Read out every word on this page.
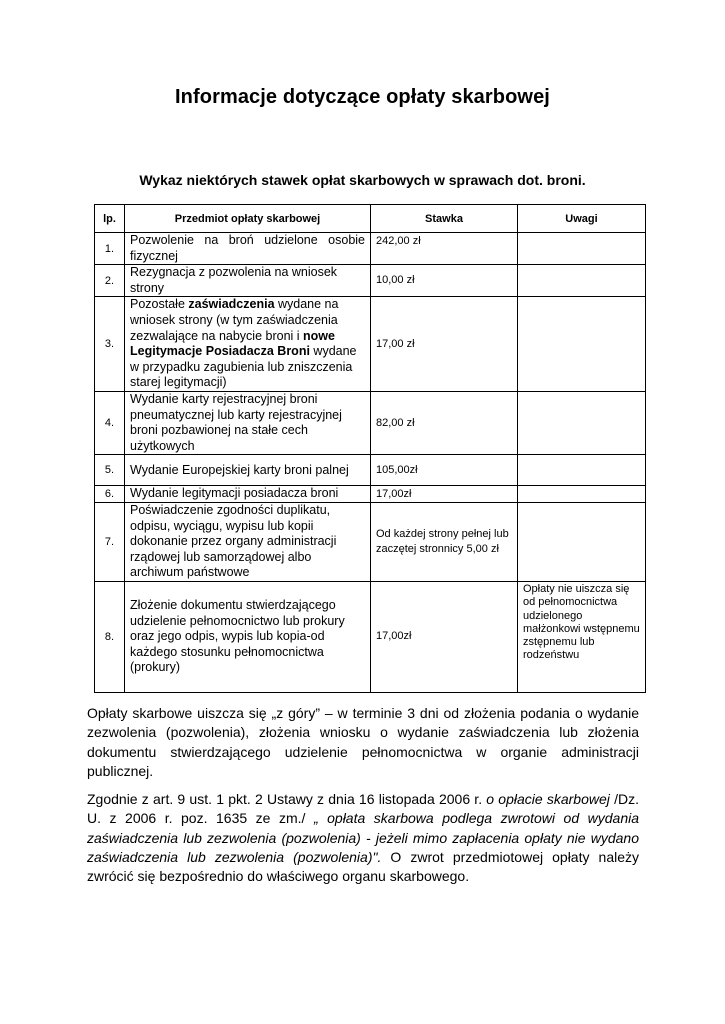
Informacje dotyczące opłaty skarbowej
Wykaz niektórych stawek opłat skarbowych w sprawach dot. broni.
lp.	Przedmiot opłaty skarbowej	Stawka	Uwagi
1.	Pozwolenie na broń udzielone osobie fizycznej	242,00 zł	
2.	Rezygnacja z pozwolenia na wniosek strony	10,00 zł	
3.	Pozostałe zaświadczenia wydane na wniosek strony (w tym zaświadczenia zezwalające na nabycie broni i nowe Legitymacje Posiadacza Broni wydane w przypadku zagubienia lub zniszczenia starej legitymacji)	17,00 zł	
4.	Wydanie karty rejestracyjnej broni pneumatycznej lub karty rejestracyjnej broni pozbawionej na stałe cech użytkowych	82,00 zł	
5.	Wydanie Europejskiej karty broni palnej	105,00zł	
6.	Wydanie legitymacji posiadacza broni	17,00zł	
7.	Poświadczenie zgodności duplikatu, odpisu, wyciągu, wypisu lub kopii dokonanie przez organy administracji rządowej lub samorządowej albo archiwum państwowe	Od każdej strony pełnej lub zaczętej stronnicy 5,00 zł	
8.	Złożenie dokumentu stwierdzającego udzielenie pełnomocnictwo lub prokury oraz jego odpis, wypis lub kopia-od każdego stosunku pełnomocnictwa (prokury)	17,00zł	Opłaty nie uiszcza się od pełnomocnictwa udzielonego małżonkowi wstępnemu zstępnemu lub rodzeństwu

Opłaty skarbowe uiszcza się „z góry” – w terminie 3 dni od złożenia podania o wydanie zezwolenia (pozwolenia), złożenia wniosku o wydanie zaświadczenia lub złożenia dokumentu stwierdzającego udzielenie pełnomocnictwa w organie administracji publicznej.

Zgodnie z art. 9 ust. 1 pkt. 2 Ustawy z dnia 16 listopada 2006 r. o opłacie skarbowej /Dz. U. z 2006 r. poz. 1635 ze zm./ „ opłata skarbowa podlega zwrotowi od wydania zaświadczenia lub zezwolenia (pozwolenia) - jeżeli mimo zapłacenia opłaty nie wydano zaświadczenia lub zezwolenia (pozwolenia)". O zwrot przedmiotowej opłaty należy zwrócić się bezpośrednio do właściwego organu skarbowego.
